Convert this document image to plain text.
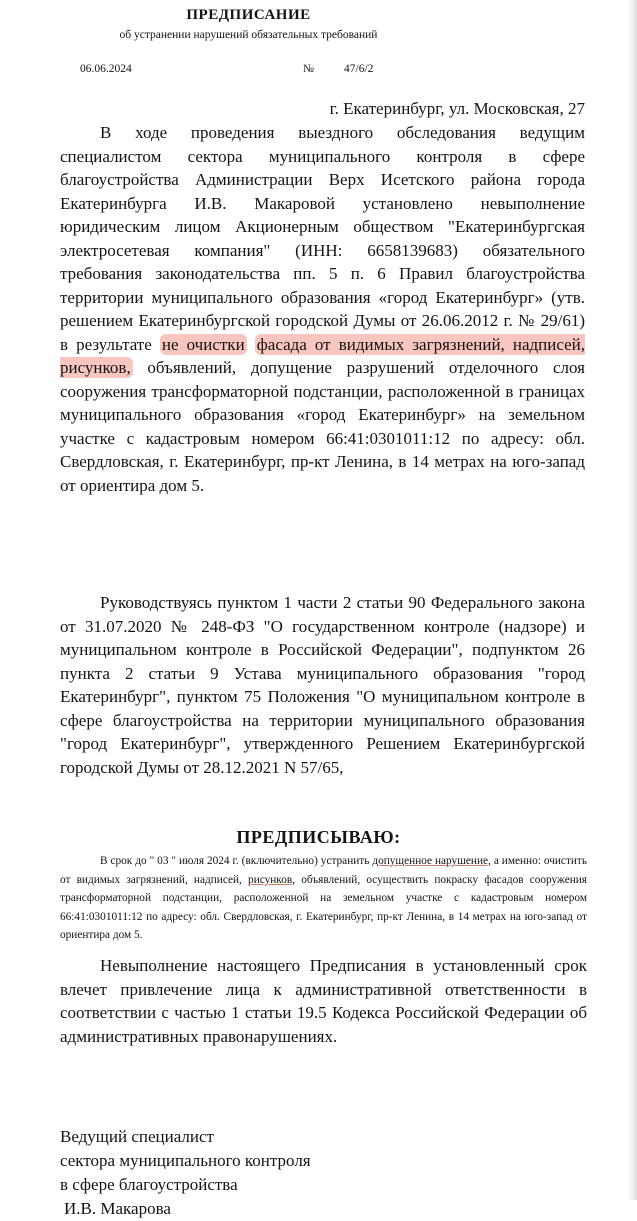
ПРЕДПИСАНИЕ
об устранении нарушений обязательных требований
06.06.2024	№	47/6/2
г. Екатеринбург, ул. Московская, 27

В ходе проведения выездного обследования ведущим специалистом сектора муниципального контроля в сфере благоустройства Администрации Верх Исетского района города Екатеринбурга И.В. Макаровой установлено невыполнение юридическим лицом Акционерным обществом "Екатеринбургская электросетевая компания" (ИНН: 6658139683) обязательного требования законодательства пп. 5 п. 6 Правил благоустройства территории муниципального образования «город Екатеринбург» (утв. решением Екатеринбургской городской Думы от 26.06.2012 г. № 29/61) в результате не очистки фасада от видимых загрязнений, надписей, рисунков, объявлений, допущение разрушений отделочного слоя сооружения трансформаторной подстанции, расположенной в границах муниципального образования «город Екатеринбург» на земельном участке с кадастровым номером 66:41:0301011:12 по адресу: обл. Свердловская, г. Екатеринбург, пр-кт Ленина, в 14 метрах на юго-запад от ориентира дом 5.

Руководствуясь пунктом 1 части 2 статьи 90 Федерального закона от 31.07.2020 № 248-ФЗ "О государственном контроле (надзоре) и муниципальном контроле в Российской Федерации", подпунктом 26 пункта 2 статьи 9 Устава муниципального образования "город Екатеринбург", пунктом 75 Положения "О муниципальном контроле в сфере благоустройства на территории муниципального образования "город Екатеринбург", утвержденного Решением Екатеринбургской городской Думы от 28.12.2021 N 57/65,

ПРЕДПИСЫВАЮ:

В срок до " 03 " июля 2024 г. (включительно) устранить допущенное нарушение, а именно: очистить от видимых загрязнений, надписей, рисунков, объявлений, осуществить покраску фасадов сооружения трансформаторной подстанции, расположенной на земельном участке с кадастровым номером 66:41:0301011:12 по адресу: обл. Свердловская, г. Екатеринбург, пр-кт Ленина, в 14 метрах на юго-запад от ориентира дом 5.

Невыполнение настоящего Предписания в установленный срок влечет привлечение лица к административной ответственности в соответствии с частью 1 статьи 19.5 Кодекса Российской Федерации об административных правонарушениях.

Ведущий специалист
сектора муниципального контроля
в сфере благоустройства
И.В. Макарова
